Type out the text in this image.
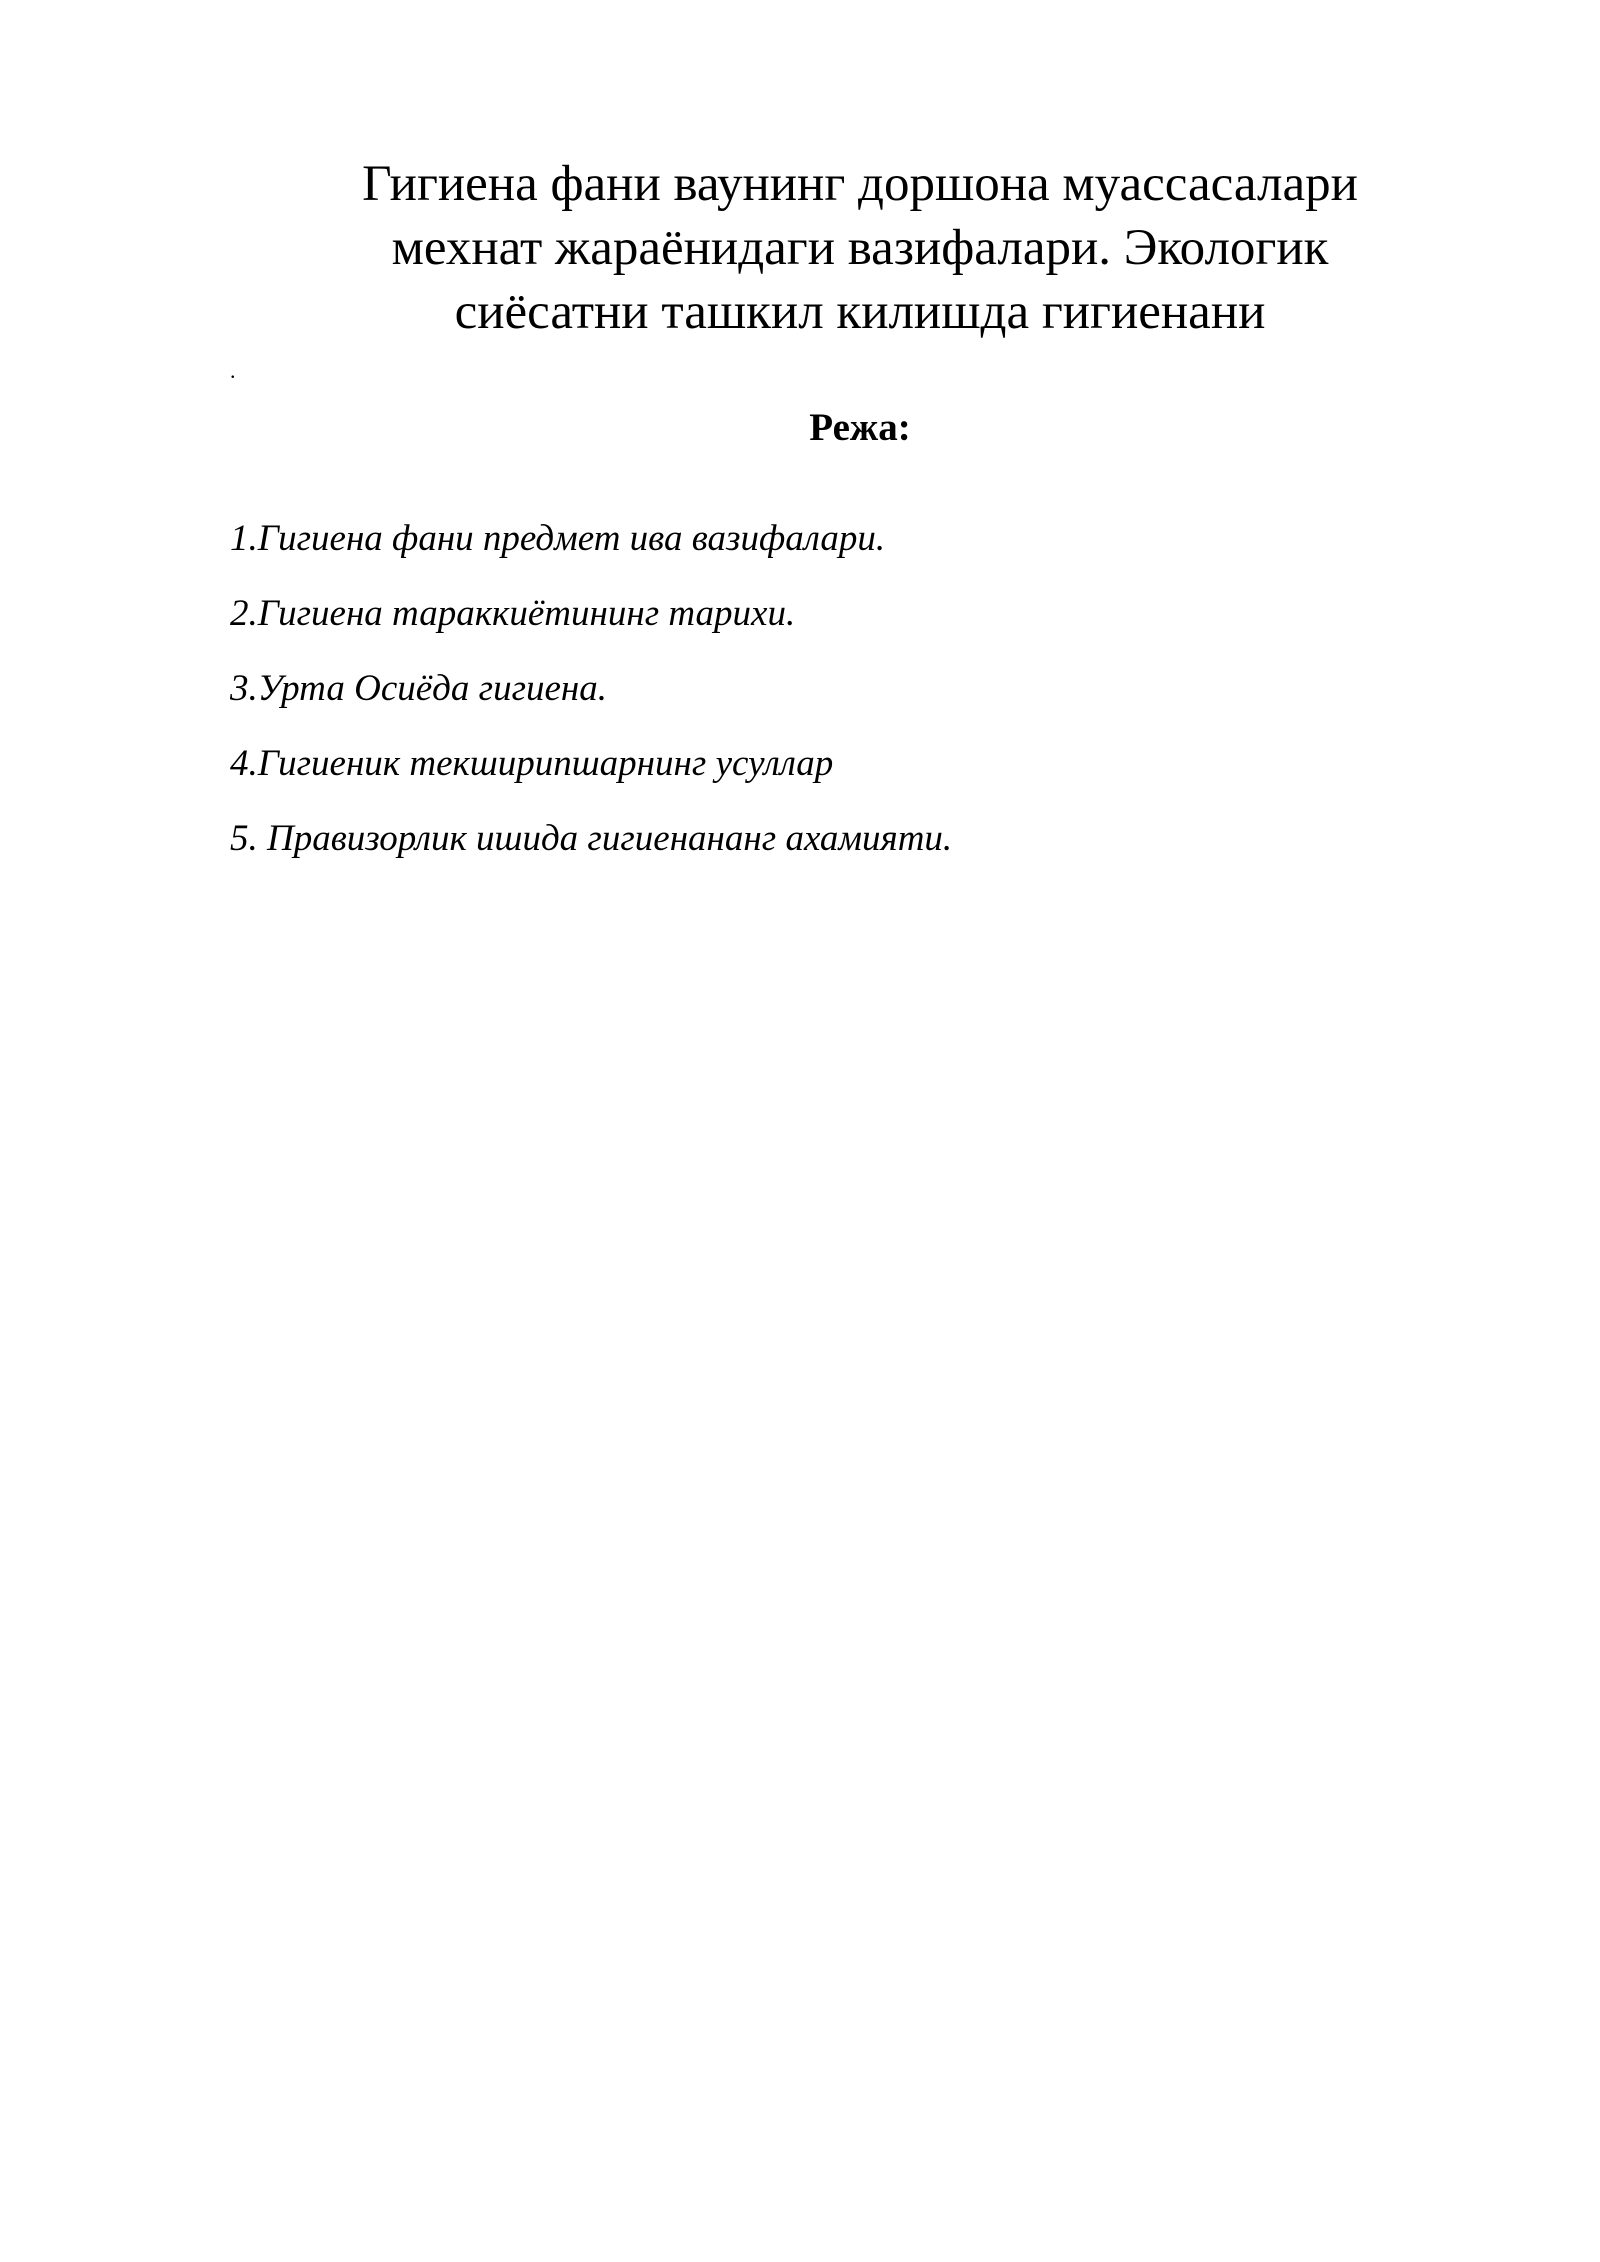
Гигиена фани ваунинг доршона муассасалари
мехнат жараёнидаги вазифалари. Экологик
сиёсатни ташкил килишда гигиенани
.
Режа:
1.Гигиена фани предмет ива вазифалари.
2.Гигиена тараккиётининг тарихи.
3.Урта Осиёда гигиена.
4.Гигиеник текширипшарнинг усуллар
5. Правизорлик ишида гигиенананг ахамияти.
